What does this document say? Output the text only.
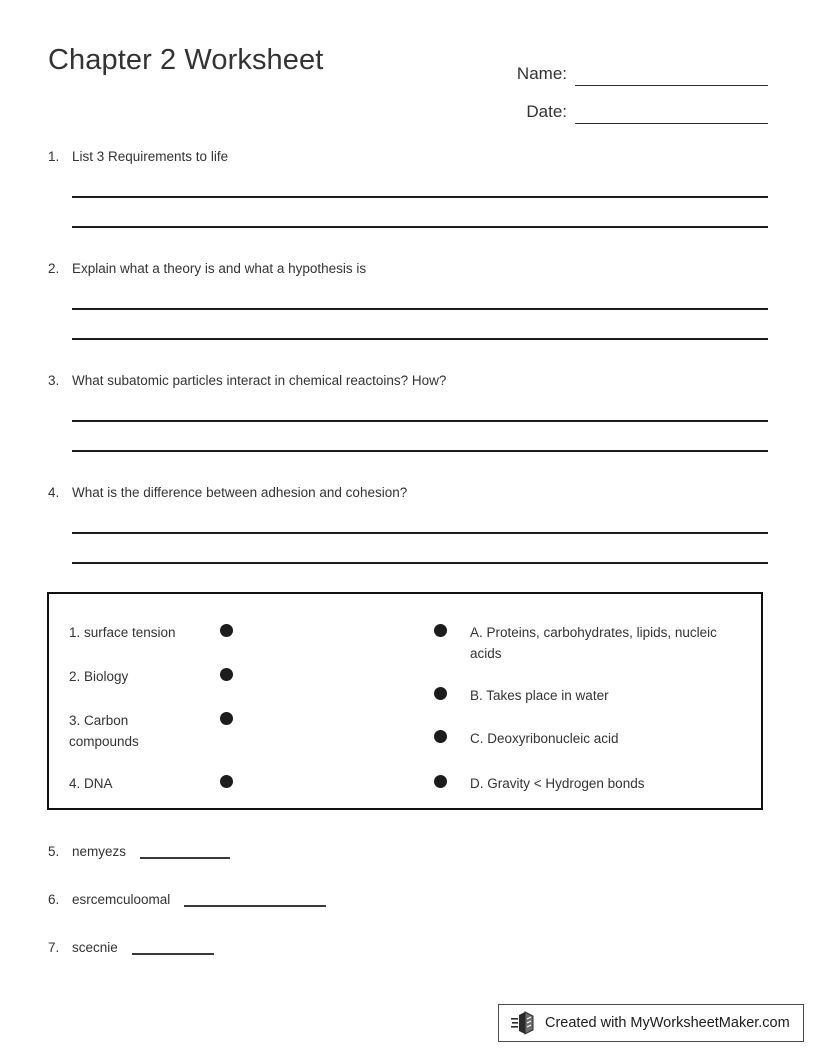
Chapter 2 Worksheet	Name:
Date:
1. List 3 Requirements to life
2. Explain what a theory is and what a hypothesis is
3. What subatomic particles interact in chemical reactoins? How?
4. What is the difference between adhesion and cohesion?
1. surface tension
2. Biology
3. Carbon compounds
4. DNA
A. Proteins, carbohydrates, lipids, nucleic acids
B. Takes place in water
C. Deoxyribonucleic acid
D. Gravity < Hydrogen bonds
5. nemyezs
6. esrcemculoomal
7. scecnie
Created with MyWorksheetMaker.com
